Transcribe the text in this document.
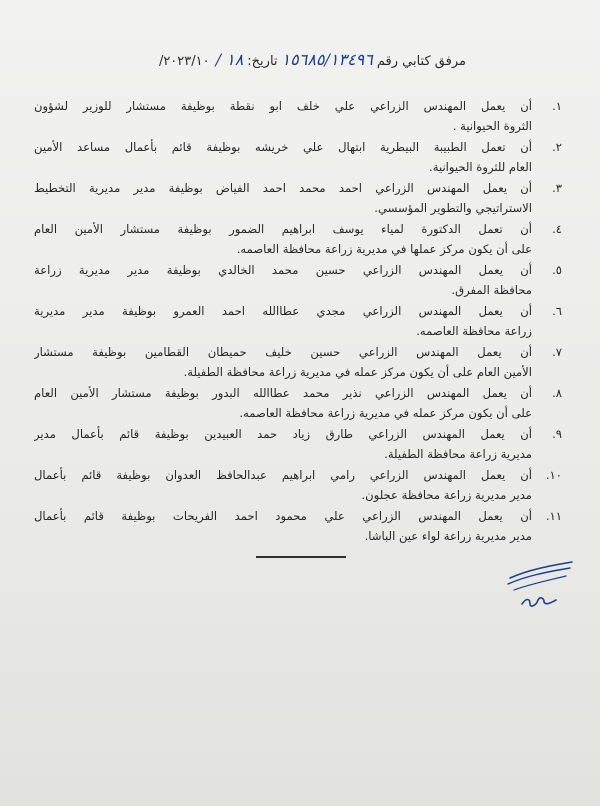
مرفق كتابي رقم
١٥٦٨٥/١٣٤٩٦
تاريخ:
١٨ /
٢٠٢٣/١٠/
١.
أن يعمل المهندس الزراعي علي خلف ابو نقطة بوظيفة مستشار للوزير لشؤون
الثروة الحيوانية .
٢.
أن تعمل الطبيبة البيطرية ابتهال علي خريشه بوظيفة قائم بأعمال مساعد الأمين
العام للثروة الحيوانية.
٣.
أن يعمل المهندس الزراعي احمد محمد احمد الفياض بوظيفة مدير مديرية التخطيط
الاستراتيجي والتطوير المؤسسي.
٤.
أن تعمل الدكتورة لمياء يوسف ابراهيم الضمور بوظيفة مستشار الأمين العام
على أن يكون مركز عملها في مديرية زراعة محافظة العاصمه.
٥.
أن يعمل المهندس الزراعي حسين محمد الخالدي بوظيفة مدير مديرية زراعة
محافظة المفرق.
٦.
أن يعمل المهندس الزراعي مجدي عطاالله احمد العمرو بوظيفة مدير مديرية
زراعة محافظة العاصمه.
٧.
أن يعمل المهندس الزراعي حسين خليف حميطان القطامين بوظيفة مستشار
الأمين العام على أن يكون مركز عمله في مديرية زراعة محافظة الطفيلة.
٨.
أن يعمل المهندس الزراعي نذير محمد عطاالله البدور بوظيفة مستشار الأمين العام
على أن يكون مركز عمله في مديرية زراعة محافظة العاصمه.
٩.
أن يعمل المهندس الزراعي طارق زياد حمد العبيدين بوظيفة قائم بأعمال مدير
مديرية زراعة محافظة الطفيلة.
١٠.
أن يعمل المهندس الزراعي رامي ابراهيم عبدالحافظ العدوان بوظيفة قائم بأعمال
مدير مديرية زراعة محافظة عجلون.
١١.
أن يعمل المهندس الزراعي علي محمود احمد الفريحات بوظيفة قائم بأعمال
مدير مديرية زراعة لواء عين الباشا.
